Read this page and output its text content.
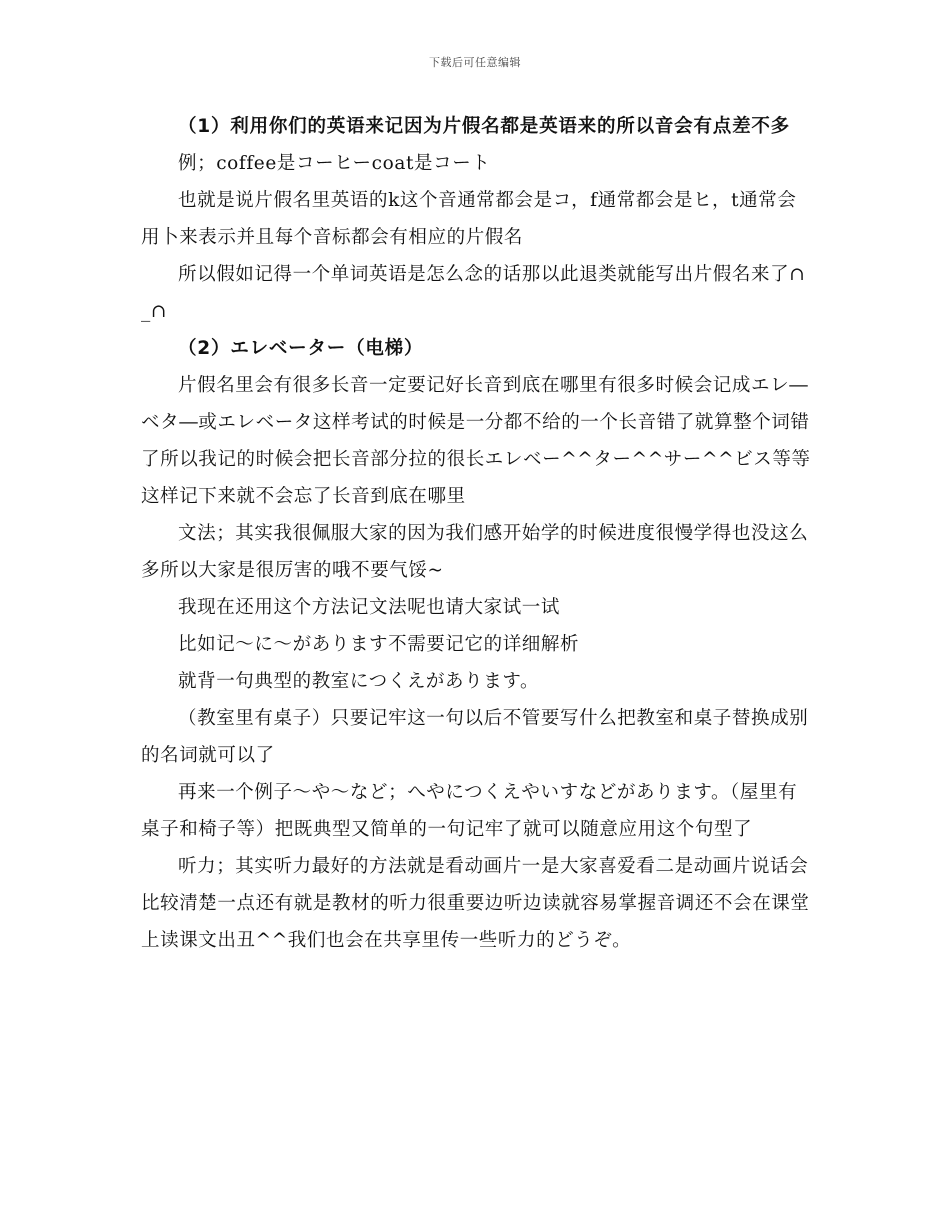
下载后可任意编辑

（1）利用你们的英语来记因为片假名都是英语来的所以音会有点差不多

例；coffee是コーヒーcoat是コート

也就是说片假名里英语的k这个音通常都会是コ，f通常都会是ヒ，t通常会用卜来表示并且每个音标都会有相应的片假名

所以假如记得一个单词英语是怎么念的话那以此退类就能写出片假名来了∩_∩

（2）エレベーター（电梯）

片假名里会有很多长音一定要记好长音到底在哪里有很多时候会记成エレ―ベタ―或エレベータ这样考试的时候是一分都不给的一个长音错了就算整个词错了所以我记的时候会把长音部分拉的很长エレベー^^ター^^サー^^ビス等等这样记下来就不会忘了长音到底在哪里

文法；其实我很佩服大家的因为我们感开始学的时候进度很慢学得也没这么多所以大家是很厉害的哦不要气馁~

我现在还用这个方法记文法呢也请大家试一试

比如记～に～があります不需要记它的详细解析

就背一句典型的教室につくえがあります。

（教室里有桌子）只要记牢这一句以后不管要写什么把教室和桌子替换成别的名词就可以了

再来一个例子～や～など；へやにつくえやいすなどがあります。（屋里有桌子和椅子等）把既典型又简单的一句记牢了就可以随意应用这个句型了

听力；其实听力最好的方法就是看动画片一是大家喜爱看二是动画片说话会比较清楚一点还有就是教材的听力很重要边听边读就容易掌握音调还不会在课堂上读课文出丑^^我们也会在共享里传一些听力的どうぞ。
